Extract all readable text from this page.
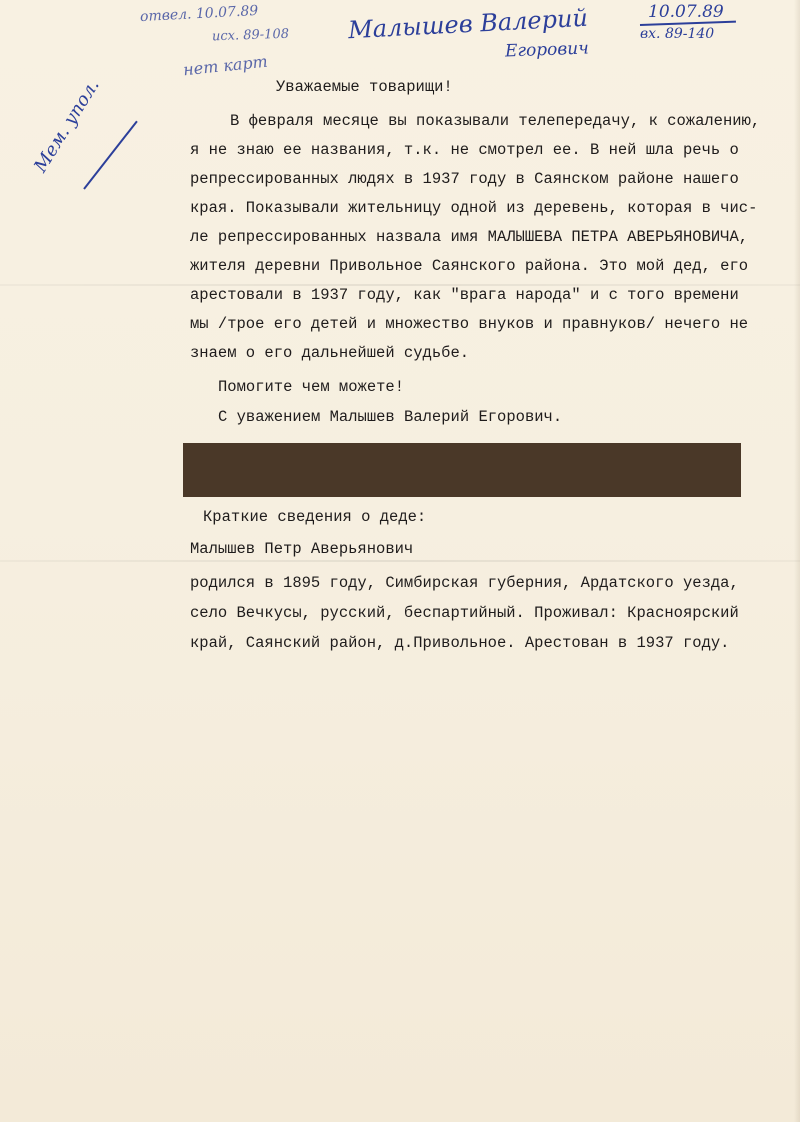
отвел. 10.07.89
исх. 89-108
нет карт
Малышев Валерий
Егорович
10.07.89
вх. 89-140
Мем. упол.	Уважаемые товарищи!
В февраля месяце вы показывали телепередачу, к сожалению,
я не знаю ее названия, т.к. не смотрел ее. В ней шла речь о
репрессированных людях в 1937 году в Саянском районе нашего
края. Показывали жительницу одной из деревень, которая в чис-
ле репрессированных назвала имя МАЛЫШЕВА ПЕТРА АВЕРЬЯНОВИЧА,
жителя деревни Привольное Саянского района. Это мой дед, его
арестовали в 1937 году, как "врага народа" и с того времени
мы /трое его детей и множество внуков и правнуков/ нечего не
знаем о его дальнейшей судьбе.
Помогите чем можете!
С уважением Малышев Валерий Егорович.
Краткие сведения о деде:
Малышев Петр Аверьянович
родился в 1895 году, Симбирская губерния, Ардатского уезда,
село Вечкусы, русский, беспартийный. Проживал: Красноярский
край, Саянский район, д.Привольное. Арестован в 1937 году.
